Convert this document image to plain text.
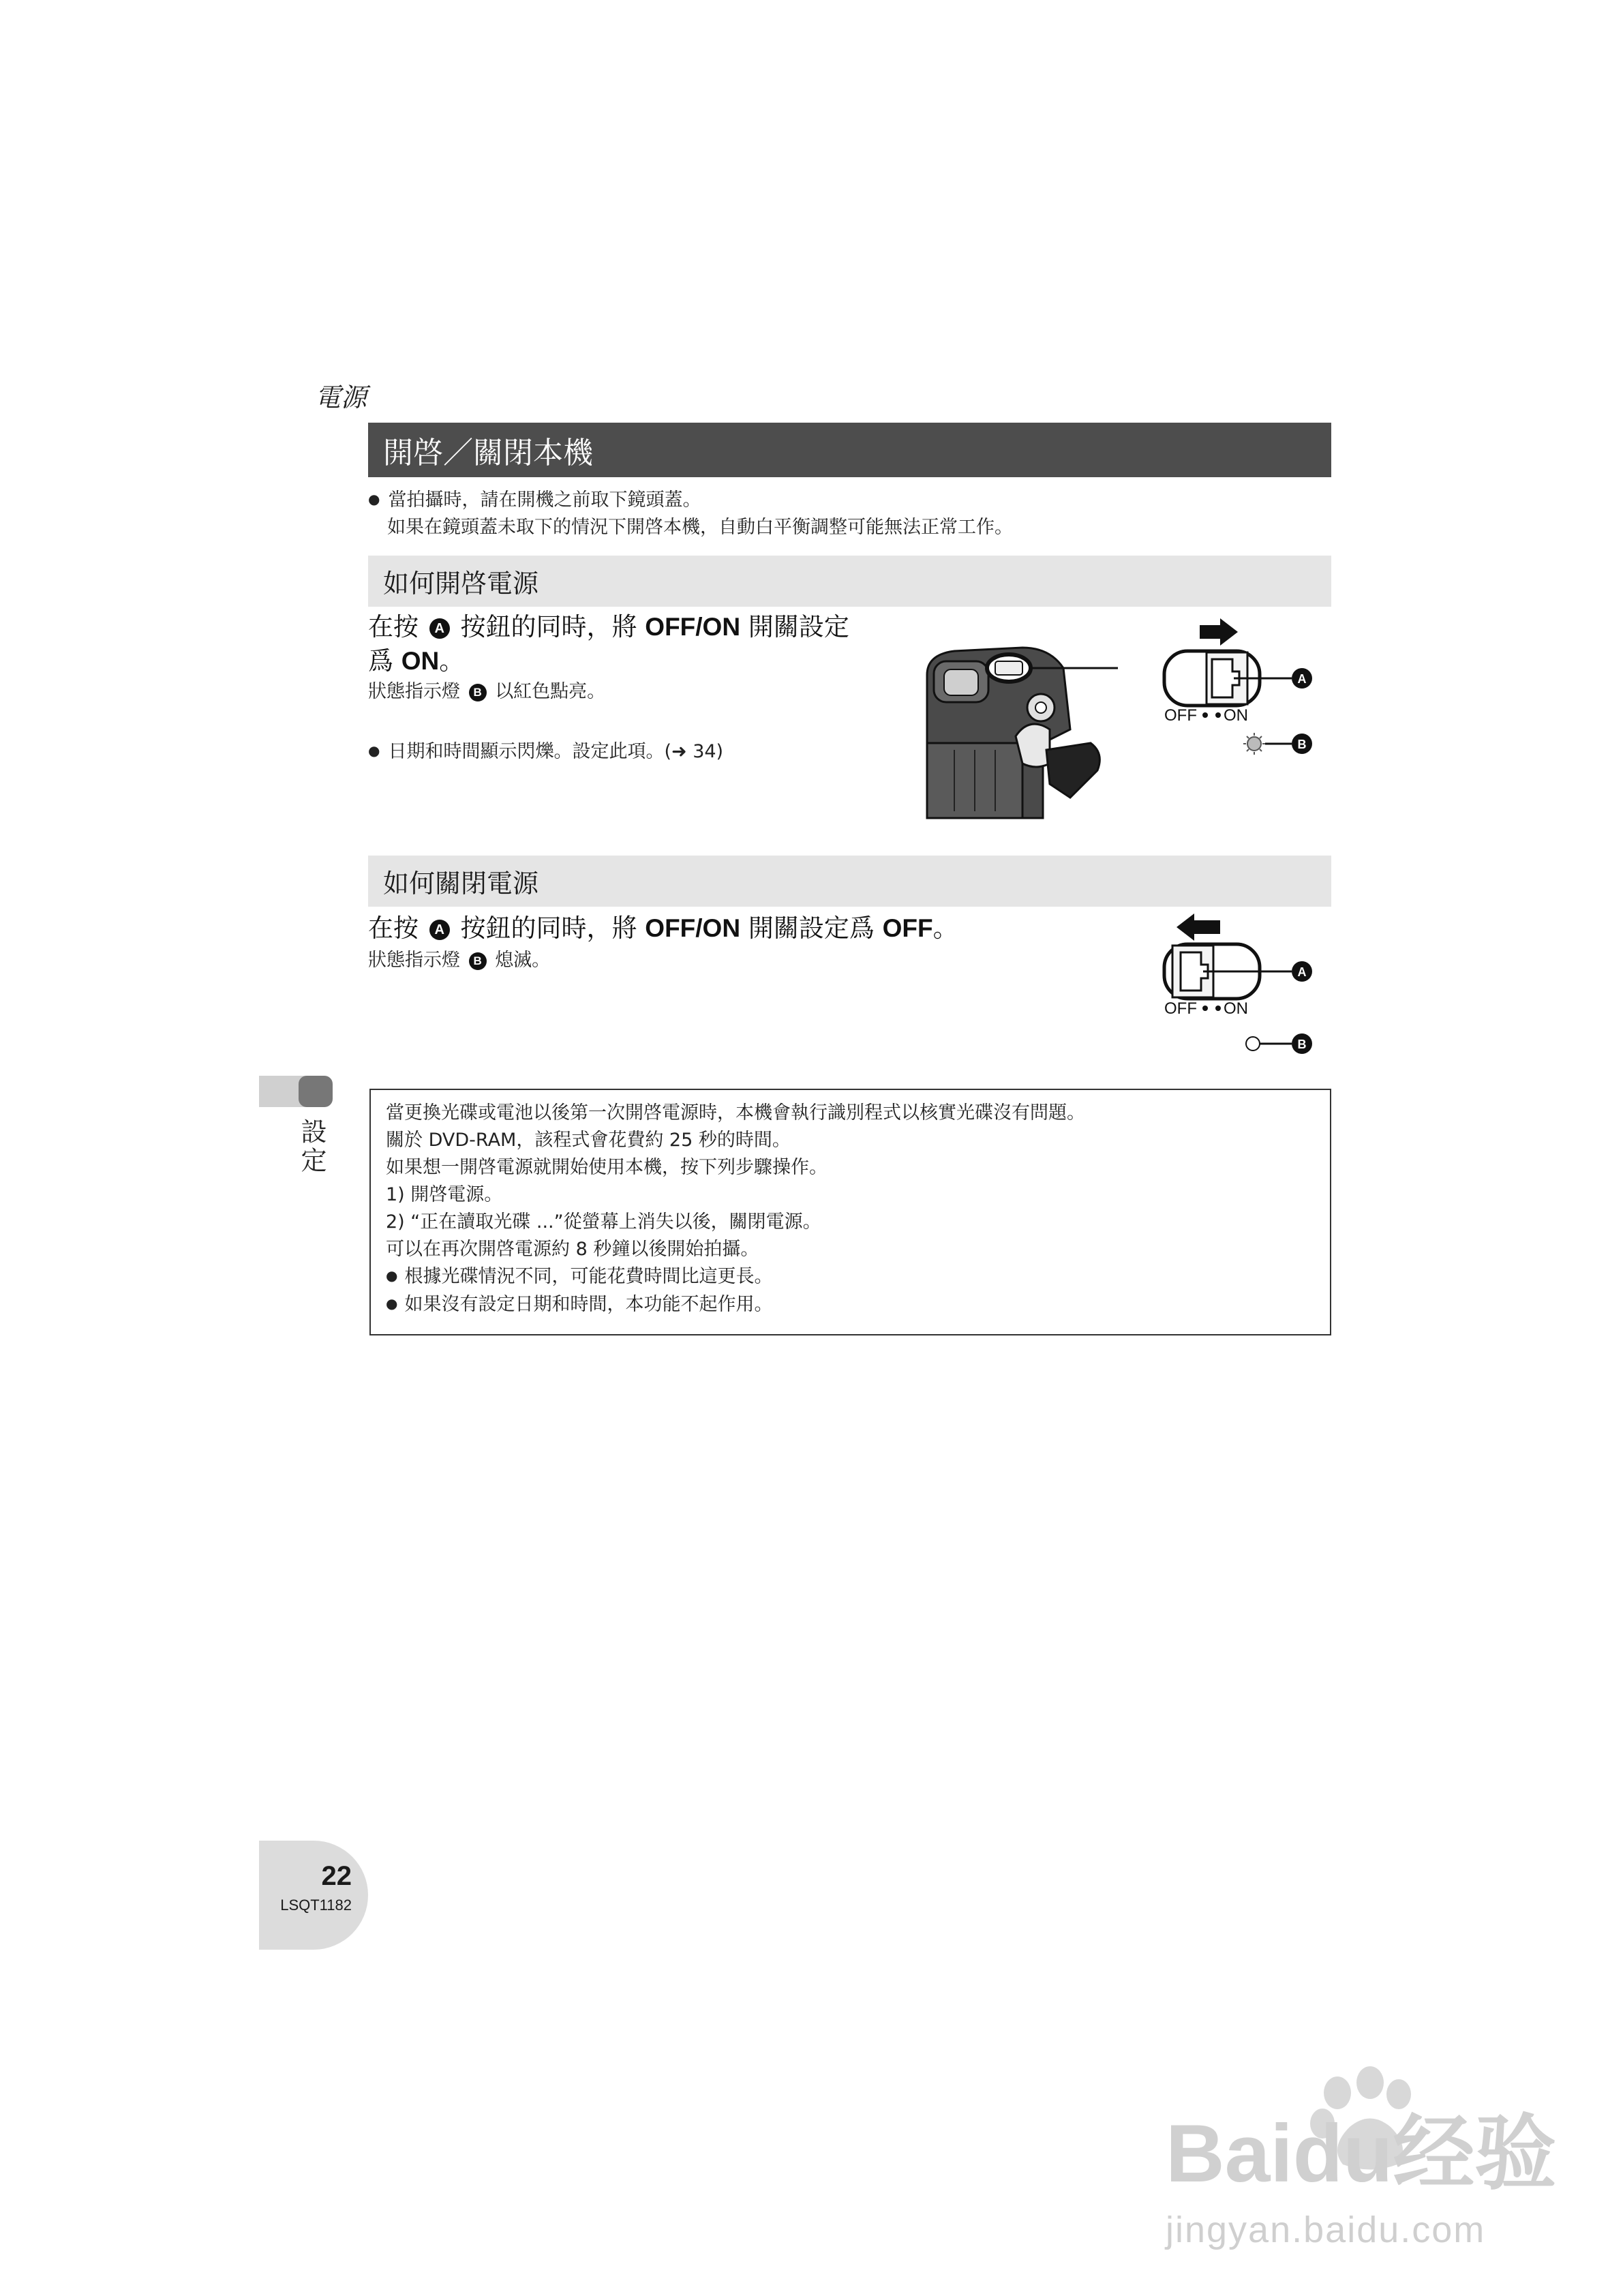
電源
開啓／關閉本機
● 當拍攝時，請在開機之前取下鏡頭蓋。
如果在鏡頭蓋未取下的情況下開啓本機，自動白平衡調整可能無法正常工作。
如何開啓電源
在按 A 按鈕的同時，將 OFF/ON 開關設定
爲 ON。
狀態指示燈 B 以紅色點亮。
● 日期和時間顯示閃爍。設定此項。(➜ 34)
A
OFF ON
B
如何關閉電源
在按 A 按鈕的同時，將 OFF/ON 開關設定爲 OFF。
狀態指示燈 B 熄滅。
A
OFF ON
B
設定
當更換光碟或電池以後第一次開啓電源時，本機會執行識別程式以核實光碟沒有問題。
關於 DVD-RAM，該程式會花費約 25 秒的時間。
如果想一開啓電源就開始使用本機，按下列步驟操作。
1) 開啓電源。
2) “正在讀取光碟 ...”從螢幕上消失以後，關閉電源。
可以在再次開啓電源約 8 秒鐘以後開始拍攝。
● 根據光碟情況不同，可能花費時間比這更長。
● 如果沒有設定日期和時間，本功能不起作用。
22
LSQT1182
Baidu经验
jingyan.baidu.com
